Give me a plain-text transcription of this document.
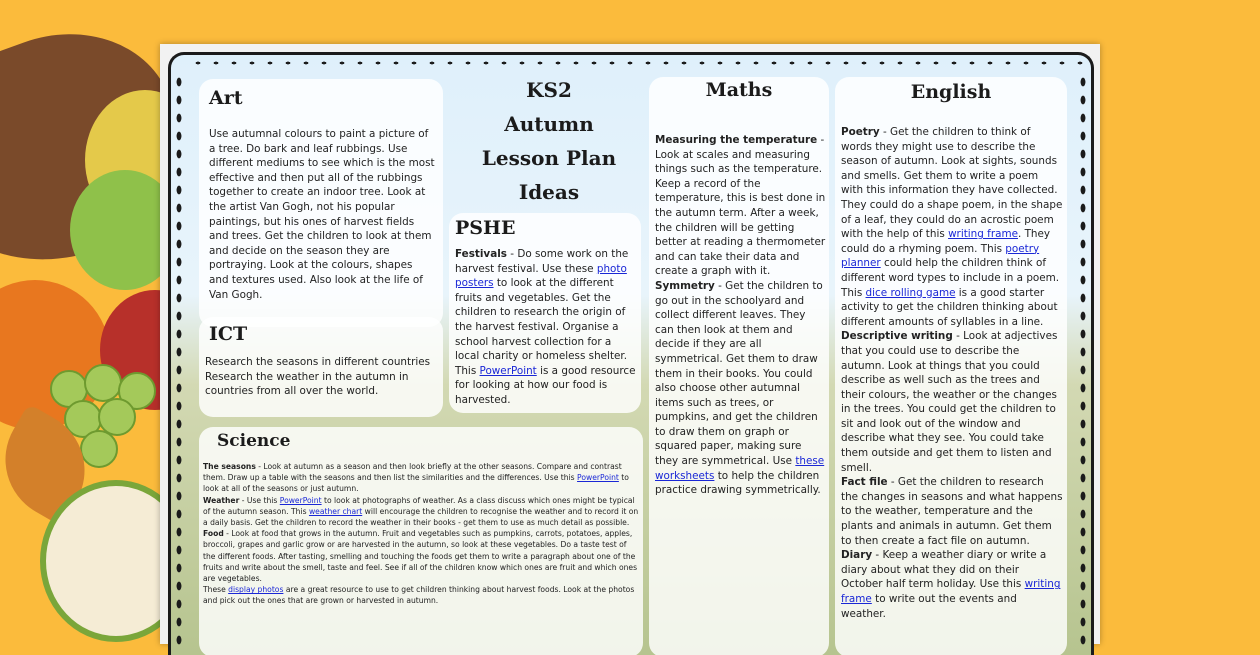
Art

Use autumnal colours to paint a picture of a tree. Do bark and leaf rubbings. Use different mediums to see which is the most effective and then put all of the rubbings together to create an indoor tree. Look at the artist Van Gogh, not his popular paintings, but his ones of harvest fields and trees. Get the children to look at them and decide on the season they are portraying. Look at the colours, shapes and textures used. Also look at the life of Van Gogh.

ICT

Research the seasons in different countries Research the weather in the autumn in countries from all over the world.

KS2
Autumn
Lesson Plan
Ideas
PSHE

Festivals - Do some work on the harvest festival. Use these photo posters to look at the different fruits and vegetables. Get the children to research the origin of the harvest festival. Organise a school harvest collection for a local charity or homeless shelter. This PowerPoint is a good resource for looking at how our food is harvested.

Maths

Measuring the temperature - Look at scales and measuring things such as the temperature. Keep a record of the temperature, this is best done in the autumn term. After a week, the children will be getting better at reading a thermometer and can take their data and create a graph with it.
Symmetry - Get the children to go out in the schoolyard and collect different leaves. They can then look at them and decide if they are all symmetrical. Get them to draw them in their books. You could also choose other autumnal items such as trees, or pumpkins, and get the children to draw them on graph or squared paper, making sure they are symmetrical. Use these worksheets to help the children practice drawing symmetrically.

English

Poetry - Get the children to think of words they might use to describe the season of autumn. Look at sights, sounds and smells. Get them to write a poem with this information they have collected. They could do a shape poem, in the shape of a leaf, they could do an acrostic poem with the help of this writing frame. They could do a rhyming poem. This poetry planner could help the children think of different word types to include in a poem. This dice rolling game is a good starter activity to get the children thinking about different amounts of syllables in a line.
Descriptive writing - Look at adjectives that you could use to describe the autumn. Look at things that you could describe as well such as the trees and their colours, the weather or the changes in the trees. You could get the children to sit and look out of the window and describe what they see. You could take them outside and get them to listen and smell.
Fact file - Get the children to research the changes in seasons and what happens to the weather, temperature and the plants and animals in autumn. Get them to then create a fact file on autumn.
Diary - Keep a weather diary or write a diary about what they did on their October half term holiday. Use this writing frame to write out the events and weather.

Science

The seasons - Look at autumn as a season and then look briefly at the other seasons. Compare and contrast them. Draw up a table with the seasons and then list the similarities and the differences. Use this PowerPoint to look at all of the seasons or just autumn.

Weather - Use this PowerPoint to look at photographs of weather. As a class discuss which ones might be typical of the autumn season. This weather chart will encourage the children to recognise the weather and to record it on a daily basis. Get the children to record the weather in their books - get them to use as much detail as possible.

Food - Look at food that grows in the autumn. Fruit and vegetables such as pumpkins, carrots, potatoes, apples, broccoli, grapes and garlic grow or are harvested in the autumn, so look at these vegetables. Do a taste test of the different foods. After tasting, smelling and touching the foods get them to write a paragraph about one of the fruits and write about the smell, taste and feel. See if all of the children know which ones are fruit and which ones are vegetables.

These display photos are a great resource to use to get children thinking about harvest foods. Look at the photos and pick out the ones that are grown or harvested in autumn.
